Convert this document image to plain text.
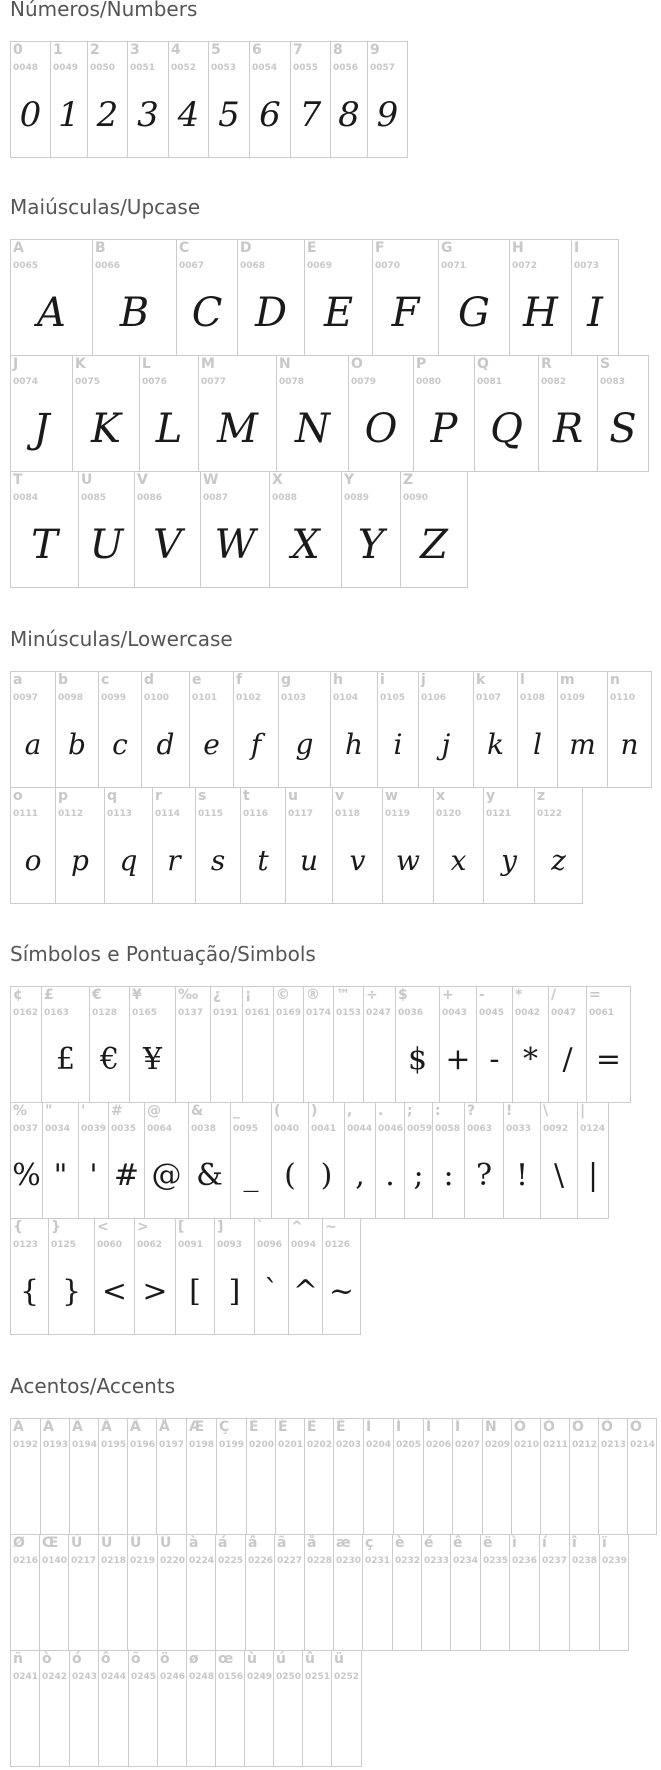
Números/Numbers
0
0048
0
1
0049
1
2
0050
2
3
0051
3
4
0052
4
5
0053
5
6
0054
6
7
0055
7
8
0056
8
9
0057
9
Maiúsculas/Upcase
A
0065
A
B
0066
B
C
0067
C
D
0068
D
E
0069
E
F
0070
F
G
0071
G
H
0072
H
I
0073
I
J
0074
J
K
0075
K
L
0076
L
M
0077
M
N
0078
N
O
0079
O
P
0080
P
Q
0081
Q
R
0082
R
S
0083
S
T
0084
T
U
0085
U
V
0086
V
W
0087
W
X
0088
X
Y
0089
Y
Z
0090
Z
Minúsculas/Lowercase
a
0097
a
b
0098
b
c
0099
c
d
0100
d
e
0101
e
f
0102
f
g
0103
g
h
0104
h
i
0105
i
j
0106
j
k
0107
k
l
0108
l
m
0109
m
n
0110
n
o
0111
o
p
0112
p
q
0113
q
r
0114
r
s
0115
s
t
0116
t
u
0117
u
v
0118
v
w
0119
w
x
0120
x
y
0121
y
z
0122
z
Símbolos e Pontuação/Simbols
¢
0162
£
0163
£
€
0128
€
¥
0165
¥
‰
0137
¿
0191
¡
0161
©
0169
®
0174
™
0153
÷
0247
$
0036
$
+
0043
+
-
0045
-
*
0042
*
/
0047
/
=
0061
=
%
0037
%
"
0034
"
'
0039
'
#
0035
#
@
0064
@
&
0038
&
_
0095
_
(
0040
(
)
0041
)
,
0044
,
.
0046
.
;
0059
;
:
0058
:
?
0063
?
!
0033
!
\
0092
\
|
0124
|
{
0123
{
}
0125
}
<
0060
<
>
0062
>
[
0091
[
]
0093
]
`
0096
`
^
0094
^
~
0126
~
Acentos/Accents
À
0192
Á
0193
Â
0194
Ã
0195
Ä
0196
Å
0197
Æ
0198
Ç
0199
È
0200
É
0201
Ê
0202
Ë
0203
Ì
0204
Í
0205
Î
0206
Ï
0207
Ñ
0209
Ò
0210
Ó
0211
Ô
0212
Õ
0213
Ö
0214
Ø
0216
Œ
0140
Ù
0217
Ú
0218
Û
0219
Ü
0220
à
0224
á
0225
â
0226
ã
0227
å
0228
æ
0230
ç
0231
è
0232
é
0233
ê
0234
ë
0235
ì
0236
í
0237
î
0238
ï
0239
ñ
0241
ò
0242
ó
0243
ô
0244
õ
0245
ö
0246
ø
0248
œ
0156
ù
0249
ú
0250
û
0251
ü
0252
